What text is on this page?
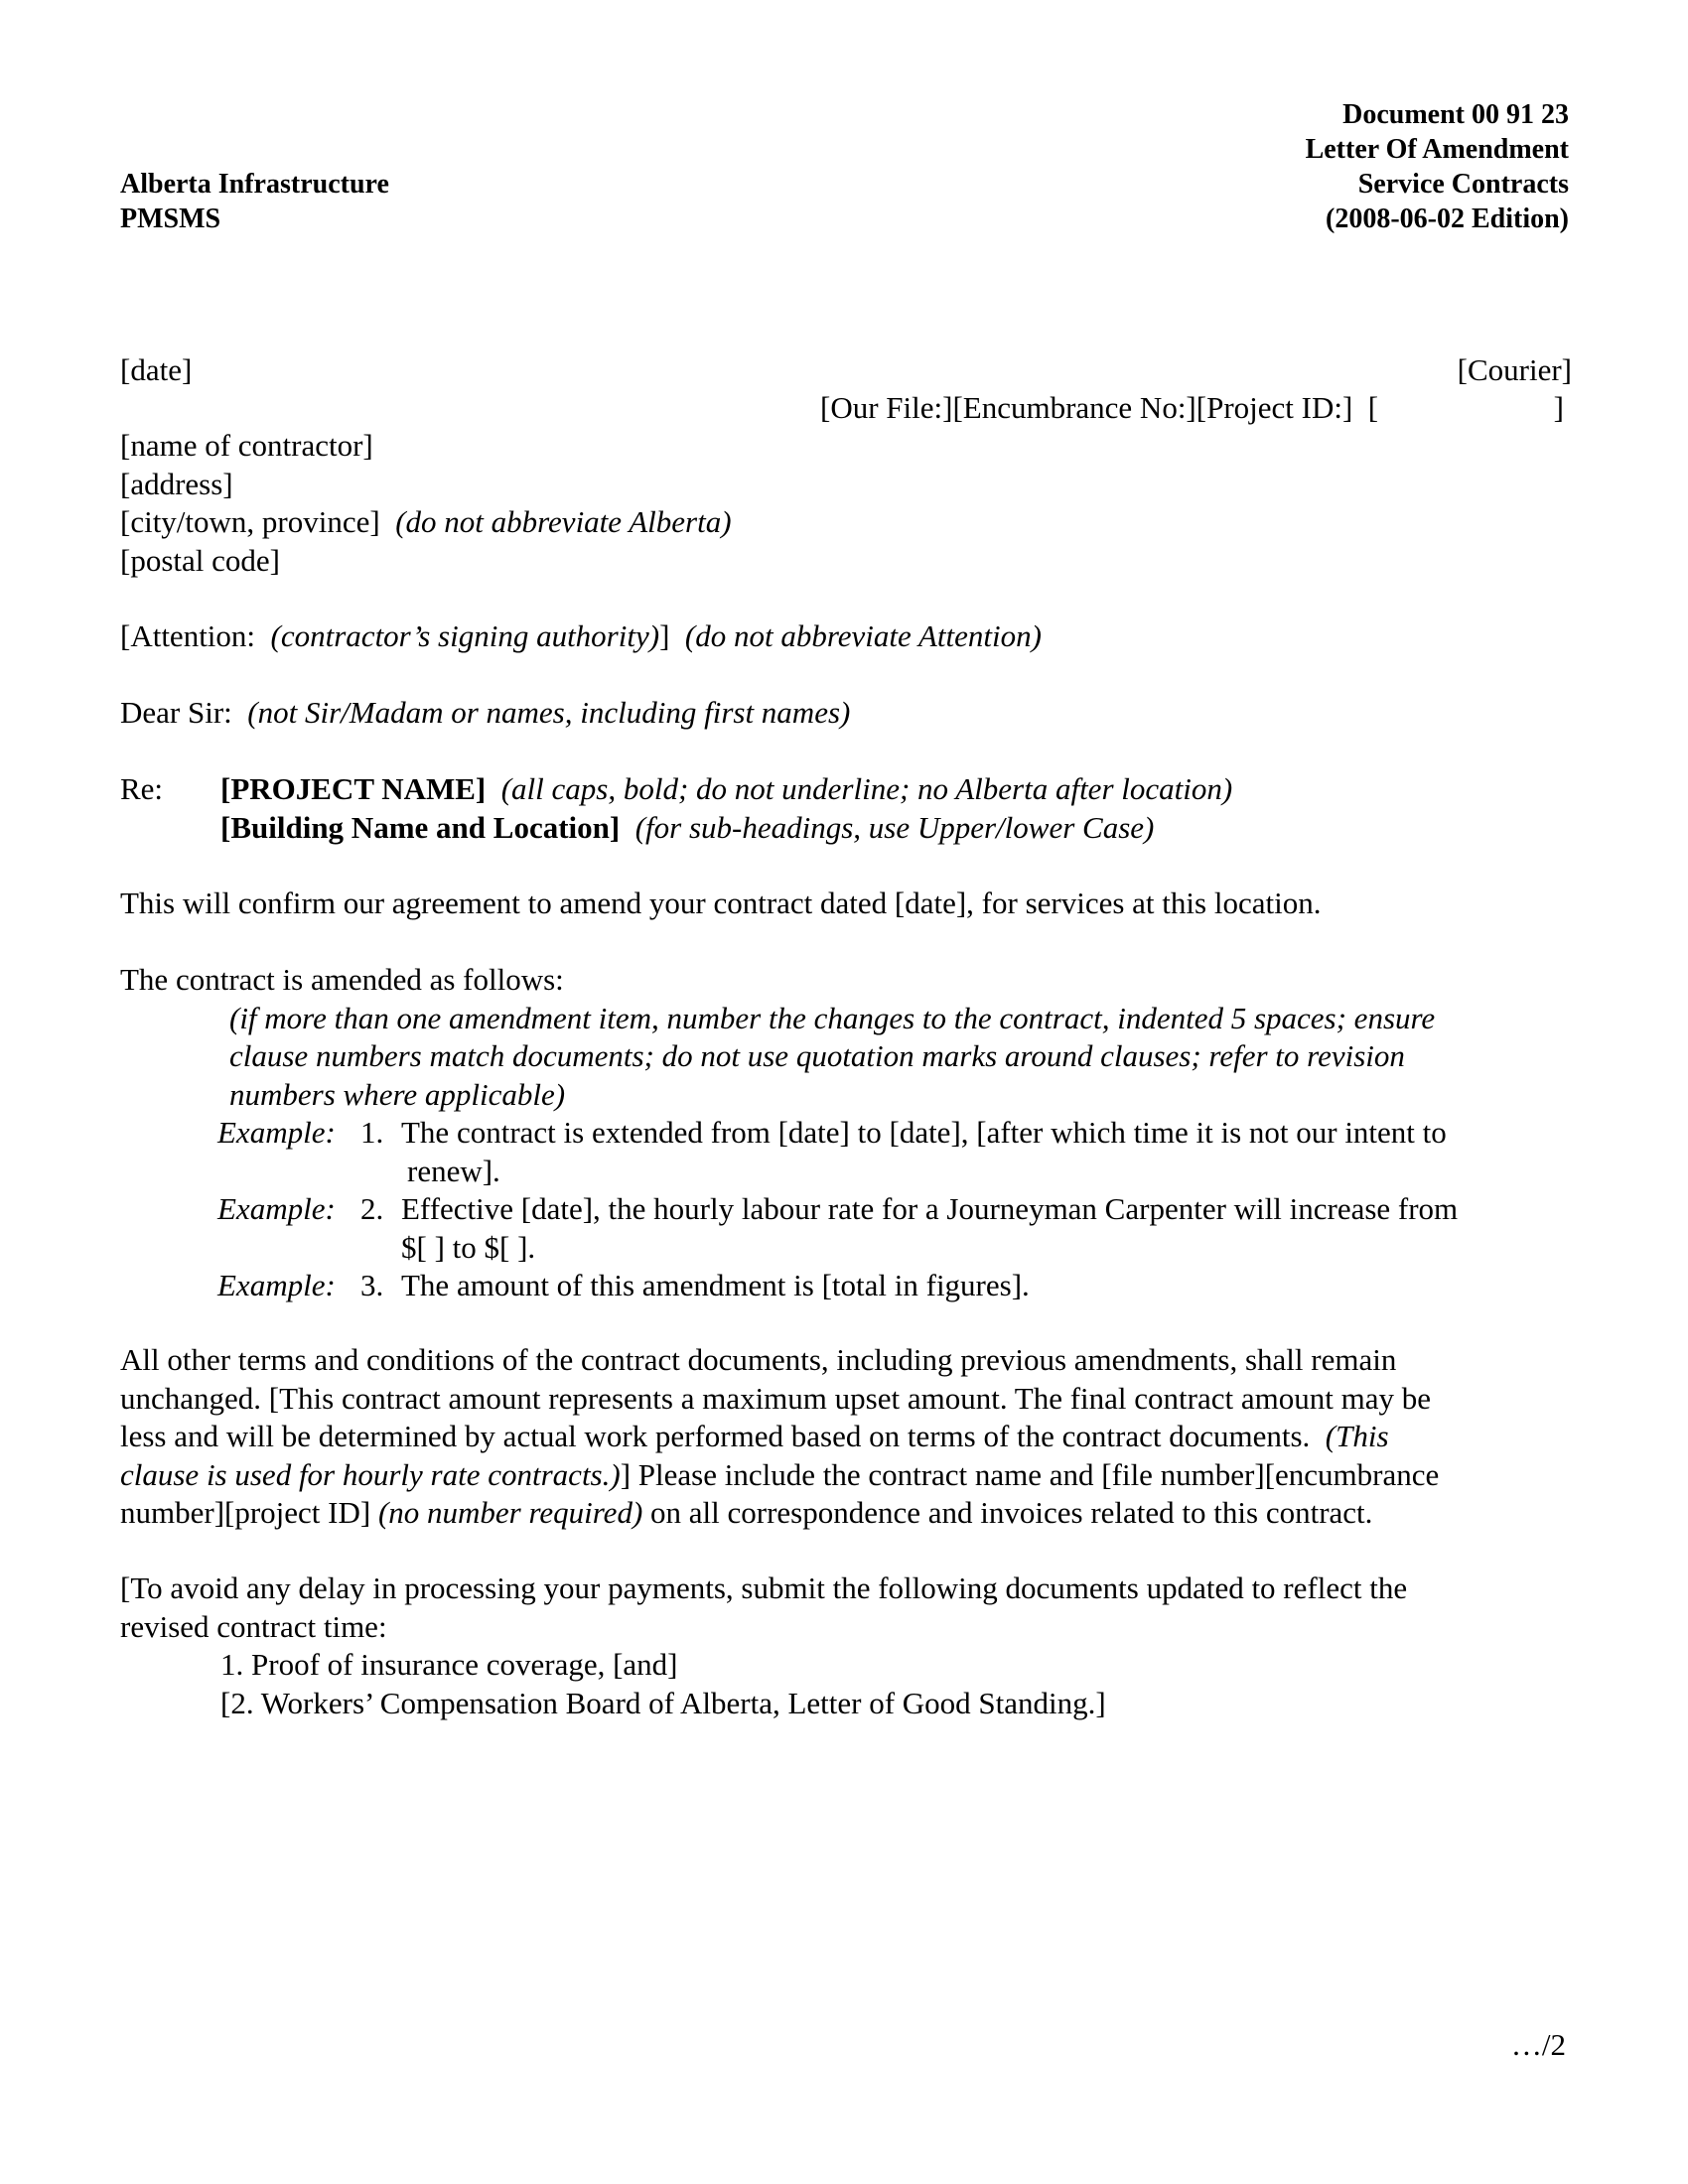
Alberta Infrastructure
PMSMS
Document 00 91 23
Letter Of Amendment
Service Contracts
(2008-06-02 Edition)
[date]	[Courier]
[Our File:][Encumbrance No:][Project ID:] [	]
[name of contractor]
[address]
[city/town, province] (do not abbreviate Alberta)
[postal code]
[Attention: (contractor’s signing authority)] (do not abbreviate Attention)
Dear Sir: (not Sir/Madam or names, including first names)
Re:	[PROJECT NAME] (all caps, bold; do not underline; no Alberta after location)
[Building Name and Location] (for sub-headings, use Upper/lower Case)
This will confirm our agreement to amend your contract dated [date], for services at this location.
The contract is amended as follows:
(if more than one amendment item, number the changes to the contract, indented 5 spaces; ensure
clause numbers match documents; do not use quotation marks around clauses; refer to revision
numbers where applicable)
Example: 1. The contract is extended from [date] to [date], [after which time it is not our intent to
renew].
Example: 2. Effective [date], the hourly labour rate for a Journeyman Carpenter will increase from
$[ ] to $[ ].
Example: 3. The amount of this amendment is [total in figures].
All other terms and conditions of the contract documents, including previous amendments, shall remain
unchanged. [This contract amount represents a maximum upset amount. The final contract amount may be
less and will be determined by actual work performed based on terms of the contract documents. (This
clause is used for hourly rate contracts.)] Please include the contract name and [file number][encumbrance
number][project ID] (no number required) on all correspondence and invoices related to this contract.
[To avoid any delay in processing your payments, submit the following documents updated to reflect the
revised contract time:
1. Proof of insurance coverage, [and]
[2. Workers’ Compensation Board of Alberta, Letter of Good Standing.]
…/2
